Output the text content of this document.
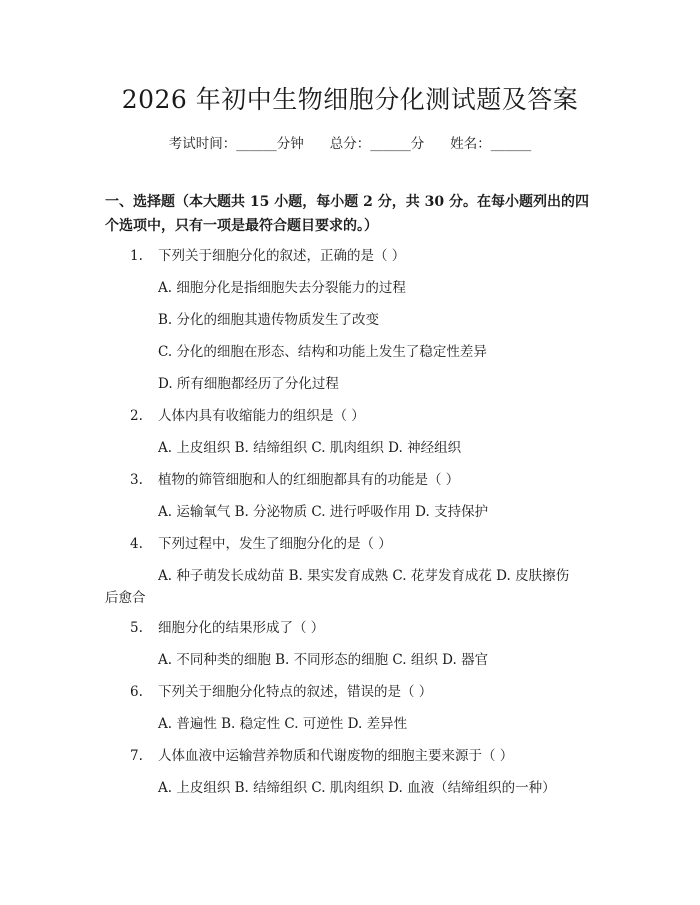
2026 年初中生物细胞分化测试题及答案
考试时间：______分钟 总分：______分 姓名：______
一、选择题（本大题共 15 小题，每小题 2 分，共 30 分。在每小题列出的四个选项中，只有一项是最符合题目要求的。）
1. 下列关于细胞分化的叙述，正确的是（ ）
A. 细胞分化是指细胞失去分裂能力的过程
B. 分化的细胞其遗传物质发生了改变
C. 分化的细胞在形态、结构和功能上发生了稳定性差异
D. 所有细胞都经历了分化过程
2. 人体内具有收缩能力的组织是（ ）
A. 上皮组织 B. 结缔组织 C. 肌肉组织 D. 神经组织
3. 植物的筛管细胞和人的红细胞都具有的功能是（ ）
A. 运输氧气 B. 分泌物质 C. 进行呼吸作用 D. 支持保护
4. 下列过程中，发生了细胞分化的是（ ）
A. 种子萌发长成幼苗 B. 果实发育成熟 C. 花芽发育成花 D. 皮肤擦伤
后愈合
5. 细胞分化的结果形成了（ ）
A. 不同种类的细胞 B. 不同形态的细胞 C. 组织 D. 器官
6. 下列关于细胞分化特点的叙述，错误的是（ ）
A. 普遍性 B. 稳定性 C. 可逆性 D. 差异性
7. 人体血液中运输营养物质和代谢废物的细胞主要来源于（ ）
A. 上皮组织 B. 结缔组织 C. 肌肉组织 D. 血液（结缔组织的一种）
